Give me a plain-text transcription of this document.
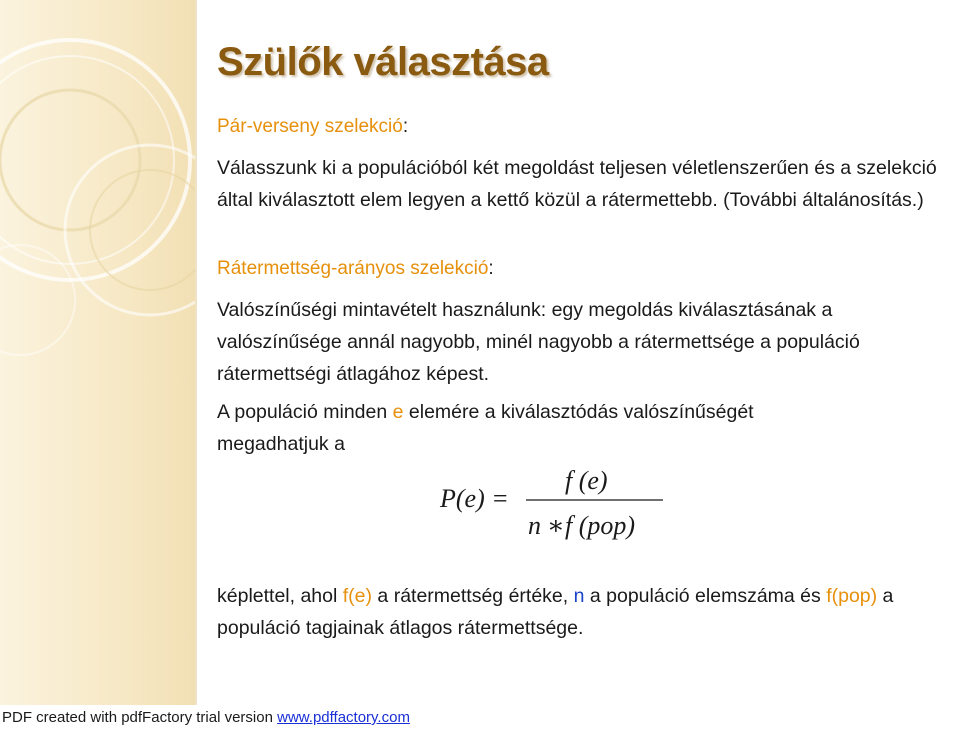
Szülők választása
Pár-verseny szelekció:

Válasszunk ki a populációból két megoldást teljesen véletlenszerűen és a szelekció által kiválasztott elem legyen a kettő közül a rátermettebb. (További általánosítás.)

Rátermettség-arányos szelekció:

Valószínűségi mintavételt használunk: egy megoldás kiválasztásának a valószínűsége annál nagyobb, minél nagyobb a rátermettsége a populáció rátermettségi átlagához képest.

A populáció minden e elemére a kiválasztódás valószínűségét megadhatjuk a

P(e) =
f (e)
n ∗ f (pop)

képlettel, ahol f(e) a rátermettség értéke, n a populáció elemszáma és f(pop) a populáció tagjainak átlagos rátermettsége.

PDF created with pdfFactory trial version www.pdffactory.com
